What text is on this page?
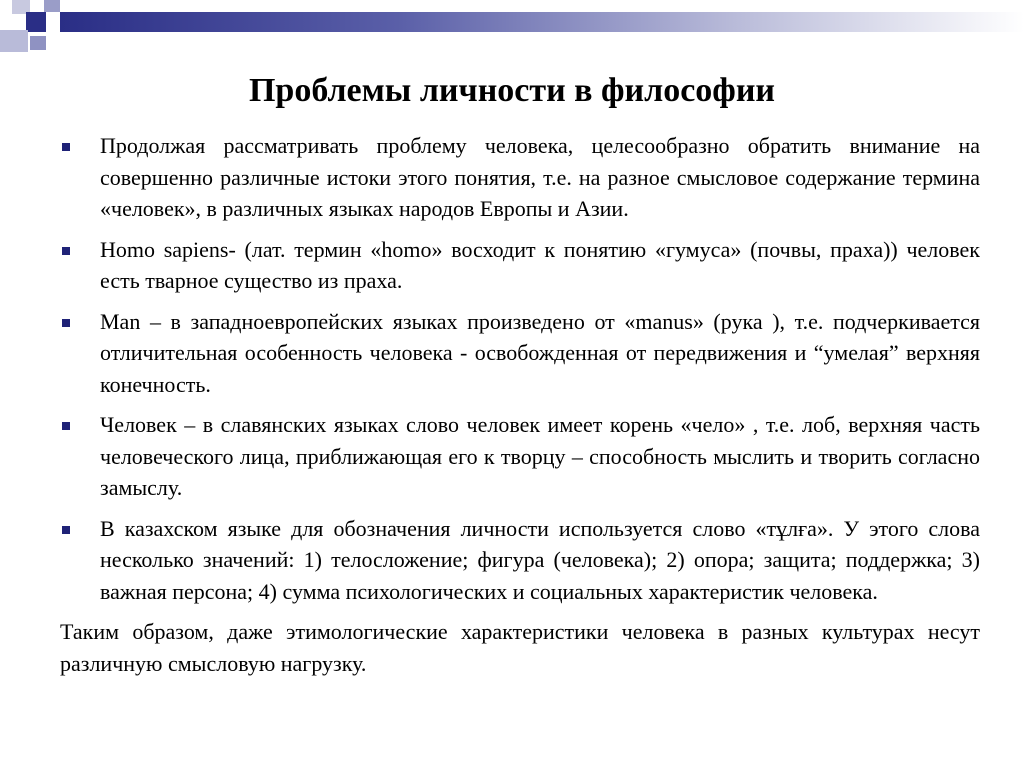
Проблемы личности в философии
Продолжая рассматривать проблему человека, целесообразно обратить внимание на совершенно различные истоки этого понятия, т.е. на разное смысловое содержание термина «человек», в различных языках народов Европы и Азии.
Homo sapiens- (лат. термин «homo» восходит к понятию «гумуса» (почвы, праха)) человек есть тварное существо из праха.
Man – в западноевропейских языках произведено от «manus» (рука ), т.е. подчеркивается отличительная особенность человека - освобожденная от передвижения и “умелая” верхняя конечность.
Человек – в славянских языках слово человек имеет корень «чело» , т.е. лоб, верхняя часть человеческого лица, приближающая его к творцу – способность мыслить и творить согласно замыслу.
В казахском языке для обозначения личности используется слово «тұлға». У этого слова несколько значений: 1) телосложение; фигура (человека); 2) опора; защита; поддержка; 3) важная персона; 4) сумма психологических и социальных характеристик человека.

Таким образом, даже этимологические характеристики человека в разных культурах несут различную смысловую нагрузку.
